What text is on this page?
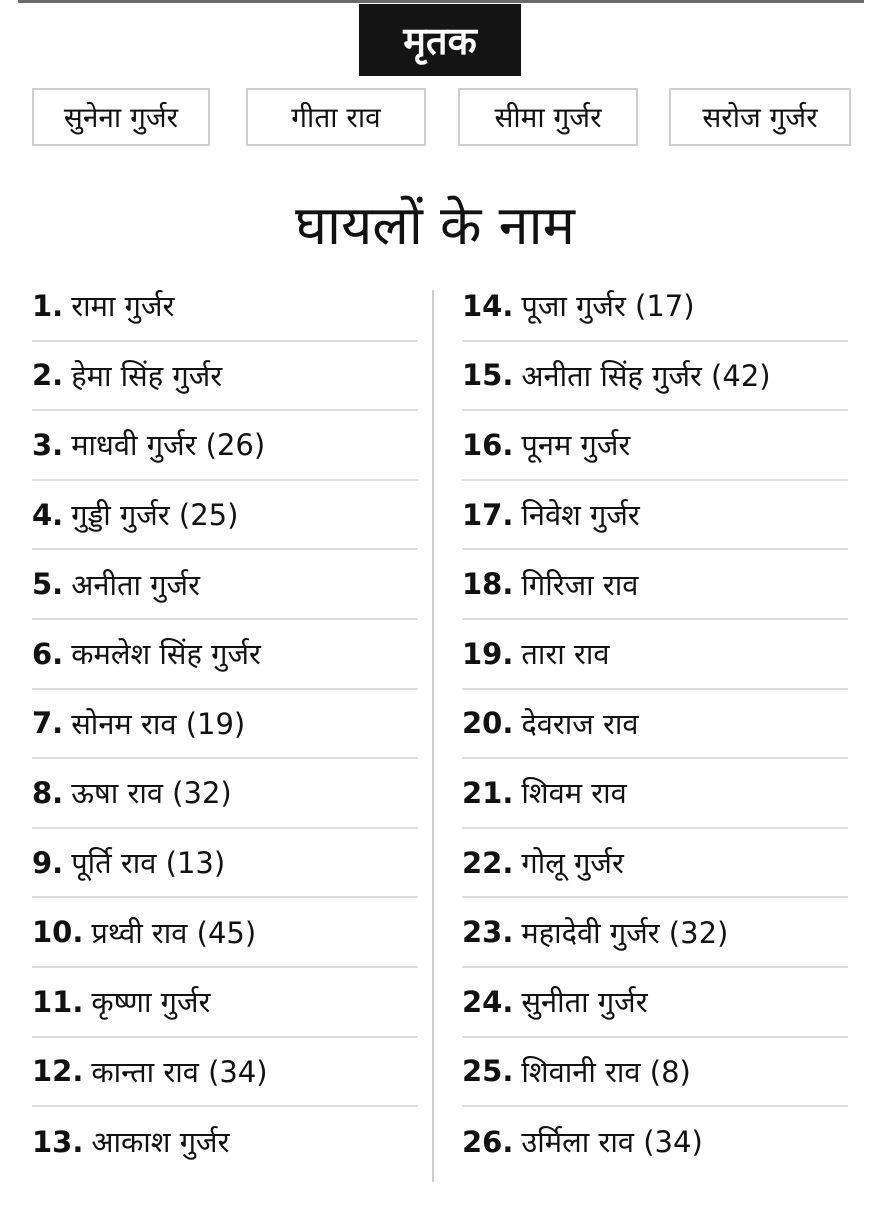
मृतक
सुनेना गुर्जर	गीता राव	सीमा गुर्जर	सरोज गुर्जर
घायलों के नाम
1. रामा गुर्जर
2. हेमा सिंह गुर्जर
3. माधवी गुर्जर (26)
4. गुड्डी गुर्जर (25)
5. अनीता गुर्जर
6. कमलेश सिंह गुर्जर
7. सोनम राव (19)
8. ऊषा राव (32)
9. पूर्ति राव (13)
10. प्रथ्वी राव (45)
11. कृष्णा गुर्जर
12. कान्ता राव (34)
13. आकाश गुर्जर
14. पूजा गुर्जर (17)
15. अनीता सिंह गुर्जर (42)
16. पूनम गुर्जर
17. निवेश गुर्जर
18. गिरिजा राव
19. तारा राव
20. देवराज राव
21. शिवम राव
22. गोलू गुर्जर
23. महादेवी गुर्जर (32)
24. सुनीता गुर्जर
25. शिवानी राव (8)
26. उर्मिला राव (34)
